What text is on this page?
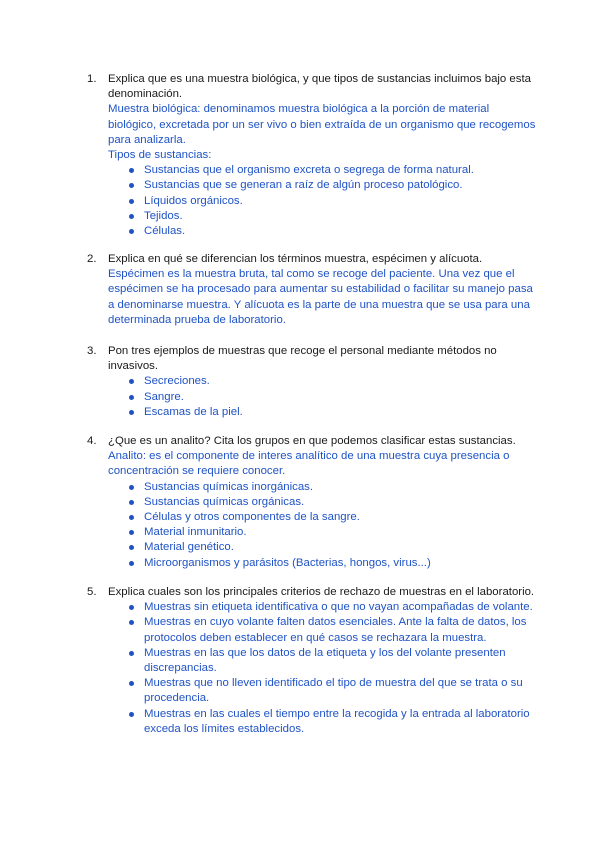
1. Explica que es una muestra biológica, y que tipos de sustancias incluimos bajo esta denominación.

Muestra biológica: denominamos muestra biológica a la porción de material biológico, excretada por un ser vivo o bien extraída de un organismo que recogemos para analizarla.

Tipos de sustancias:

Sustancias que el organismo excreta o segrega de forma natural.
Sustancias que se generan a raíz de algún proceso patológico.
Líquidos orgánicos.
Tejidos.
Células.
2. Explica en qué se diferencian los términos muestra, espécimen y alícuota.

Espécimen es la muestra bruta, tal como se recoge del paciente. Una vez que el espécimen se ha procesado para aumentar su estabilidad o facilitar su manejo pasa a denominarse muestra. Y alícuota es la parte de una muestra que se usa para una determinada prueba de laboratorio.

3. Pon tres ejemplos de muestras que recoge el personal mediante métodos no invasivos.

Secreciones.
Sangre.
Escamas de la piel.
4. ¿Que es un analito? Cita los grupos en que podemos clasificar estas sustancias.

Analito: es el componente de interes analítico de una muestra cuya presencia o concentración se requiere conocer.

Sustancias químicas inorgánicas.
Sustancias químicas orgánicas.
Células y otros componentes de la sangre.
Material inmunitario.
Material genético.
Microorganismos y parásitos (Bacterias, hongos, virus...)
5. Explica cuales son los principales criterios de rechazo de muestras en el laboratorio.

Muestras sin etiqueta identificativa o que no vayan acompañadas de volante.
Muestras en cuyo volante falten datos esenciales. Ante la falta de datos, los protocolos deben establecer en qué casos se rechazara la muestra.
Muestras en las que los datos de la etiqueta y los del volante presenten discrepancias.
Muestras que no lleven identificado el tipo de muestra del que se trata o su procedencia.
Muestras en las cuales el tiempo entre la recogida y la entrada al laboratorio exceda los límites establecidos.
